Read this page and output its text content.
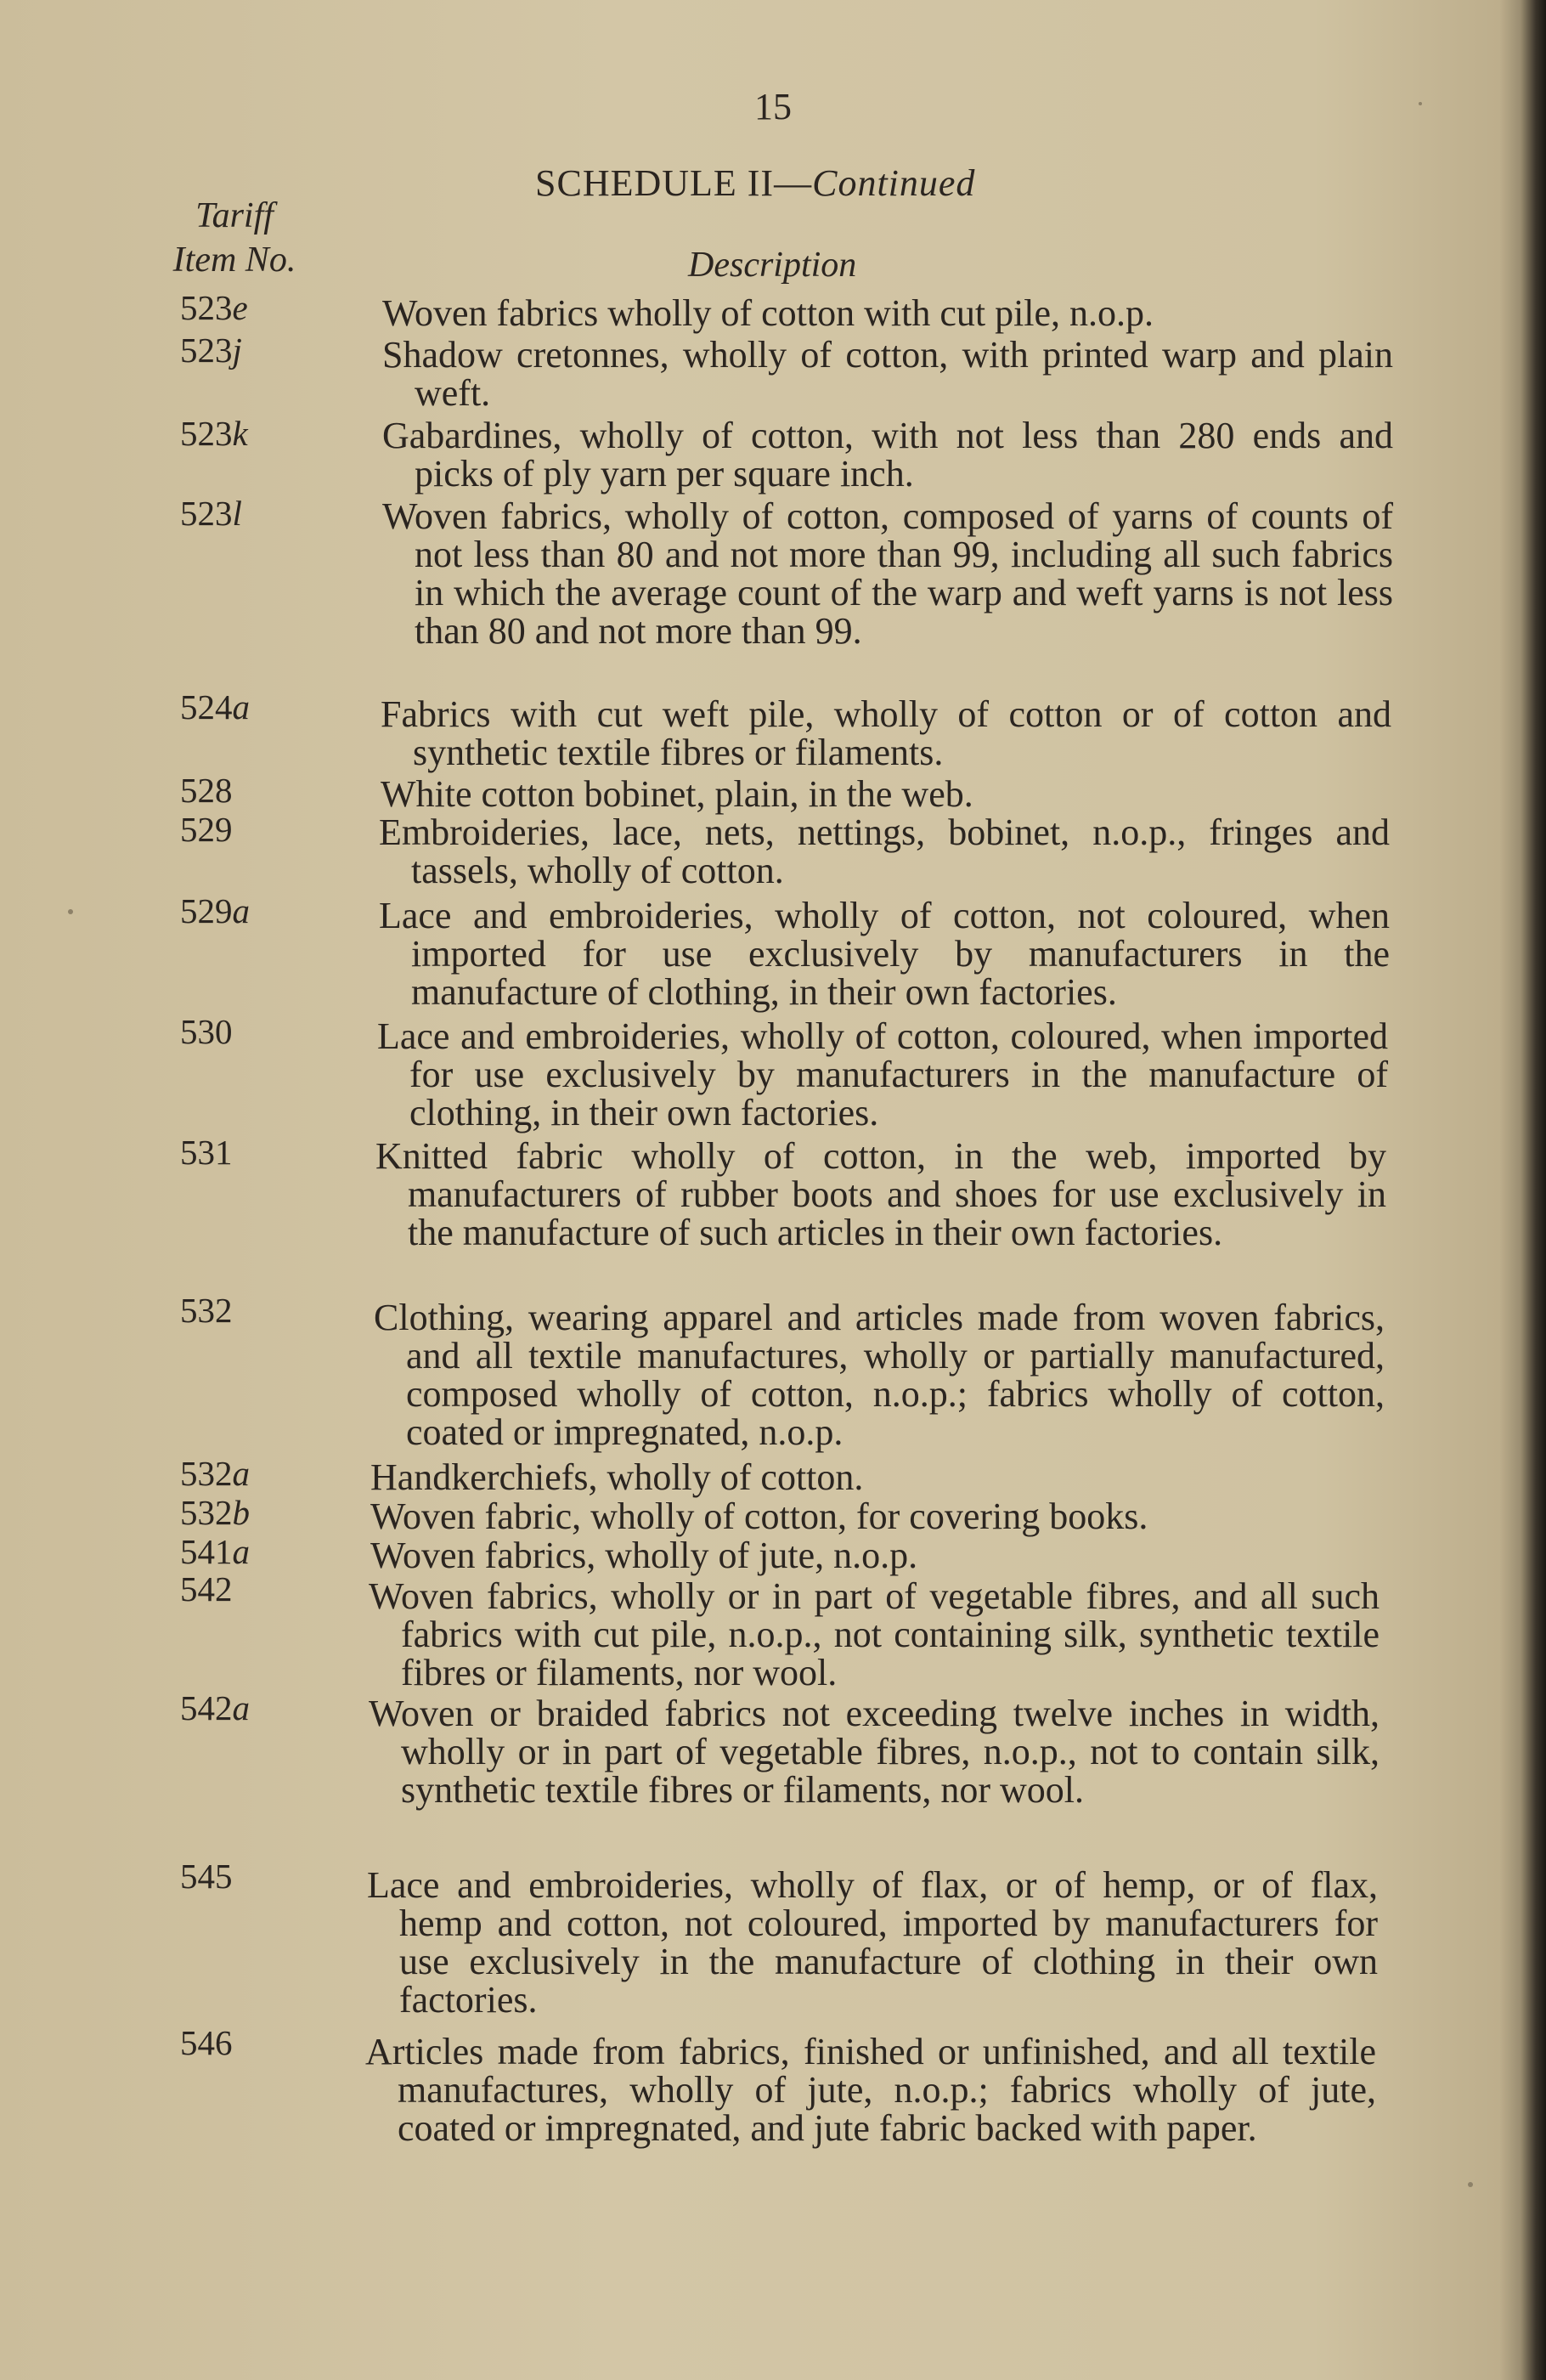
15
SCHEDULE II—Continued
Tariff
Item No.	Description
523e	Woven fabrics wholly of cotton with cut pile, n.o.p.
523j	Shadow cretonnes, wholly of cotton, with printed warp and plain weft.
523k	Gabardines, wholly of cotton, with not less than 280 ends and picks of ply yarn per square inch.
523l	Woven fabrics, wholly of cotton, composed of yarns of counts of not less than 80 and not more than 99, including all such fabrics in which the average count of the warp and weft yarns is not less than 80 and not more than 99.
524a	Fabrics with cut weft pile, wholly of cotton or of cotton and synthetic textile fibres or filaments.
528	White cotton bobinet, plain, in the web.
529	Embroideries, lace, nets, nettings, bobinet, n.o.p., fringes and tassels, wholly of cotton.
529a	Lace and embroideries, wholly of cotton, not coloured, when imported for use exclusively by manufacturers in the manufacture of clothing, in their own factories.
530	Lace and embroideries, wholly of cotton, coloured, when imported for use exclusively by manufacturers in the manufacture of clothing, in their own factories.
531	Knitted fabric wholly of cotton, in the web, imported by manufacturers of rubber boots and shoes for use exclusively in the manufacture of such articles in their own factories.
532	Clothing, wearing apparel and articles made from woven fabrics, and all textile manufactures, wholly or partially manufactured, composed wholly of cotton, n.o.p.; fabrics wholly of cotton, coated or impregnated, n.o.p.
532a	Handkerchiefs, wholly of cotton.
532b	Woven fabric, wholly of cotton, for covering books.
541a	Woven fabrics, wholly of jute, n.o.p.
542	Woven fabrics, wholly or in part of vegetable fibres, and all such fabrics with cut pile, n.o.p., not containing silk, synthetic textile fibres or filaments, nor wool.
542a	Woven or braided fabrics not exceeding twelve inches in width, wholly or in part of vegetable fibres, n.o.p., not to contain silk, synthetic textile fibres or filaments, nor wool.
545	Lace and embroideries, wholly of flax, or of hemp, or of flax, hemp and cotton, not coloured, imported by manufacturers for use exclusively in the manufacture of clothing in their own factories.
546	Articles made from fabrics, finished or unfinished, and all textile manufactures, wholly of jute, n.o.p.; fabrics wholly of jute, coated or impregnated, and jute fabric backed with paper.
